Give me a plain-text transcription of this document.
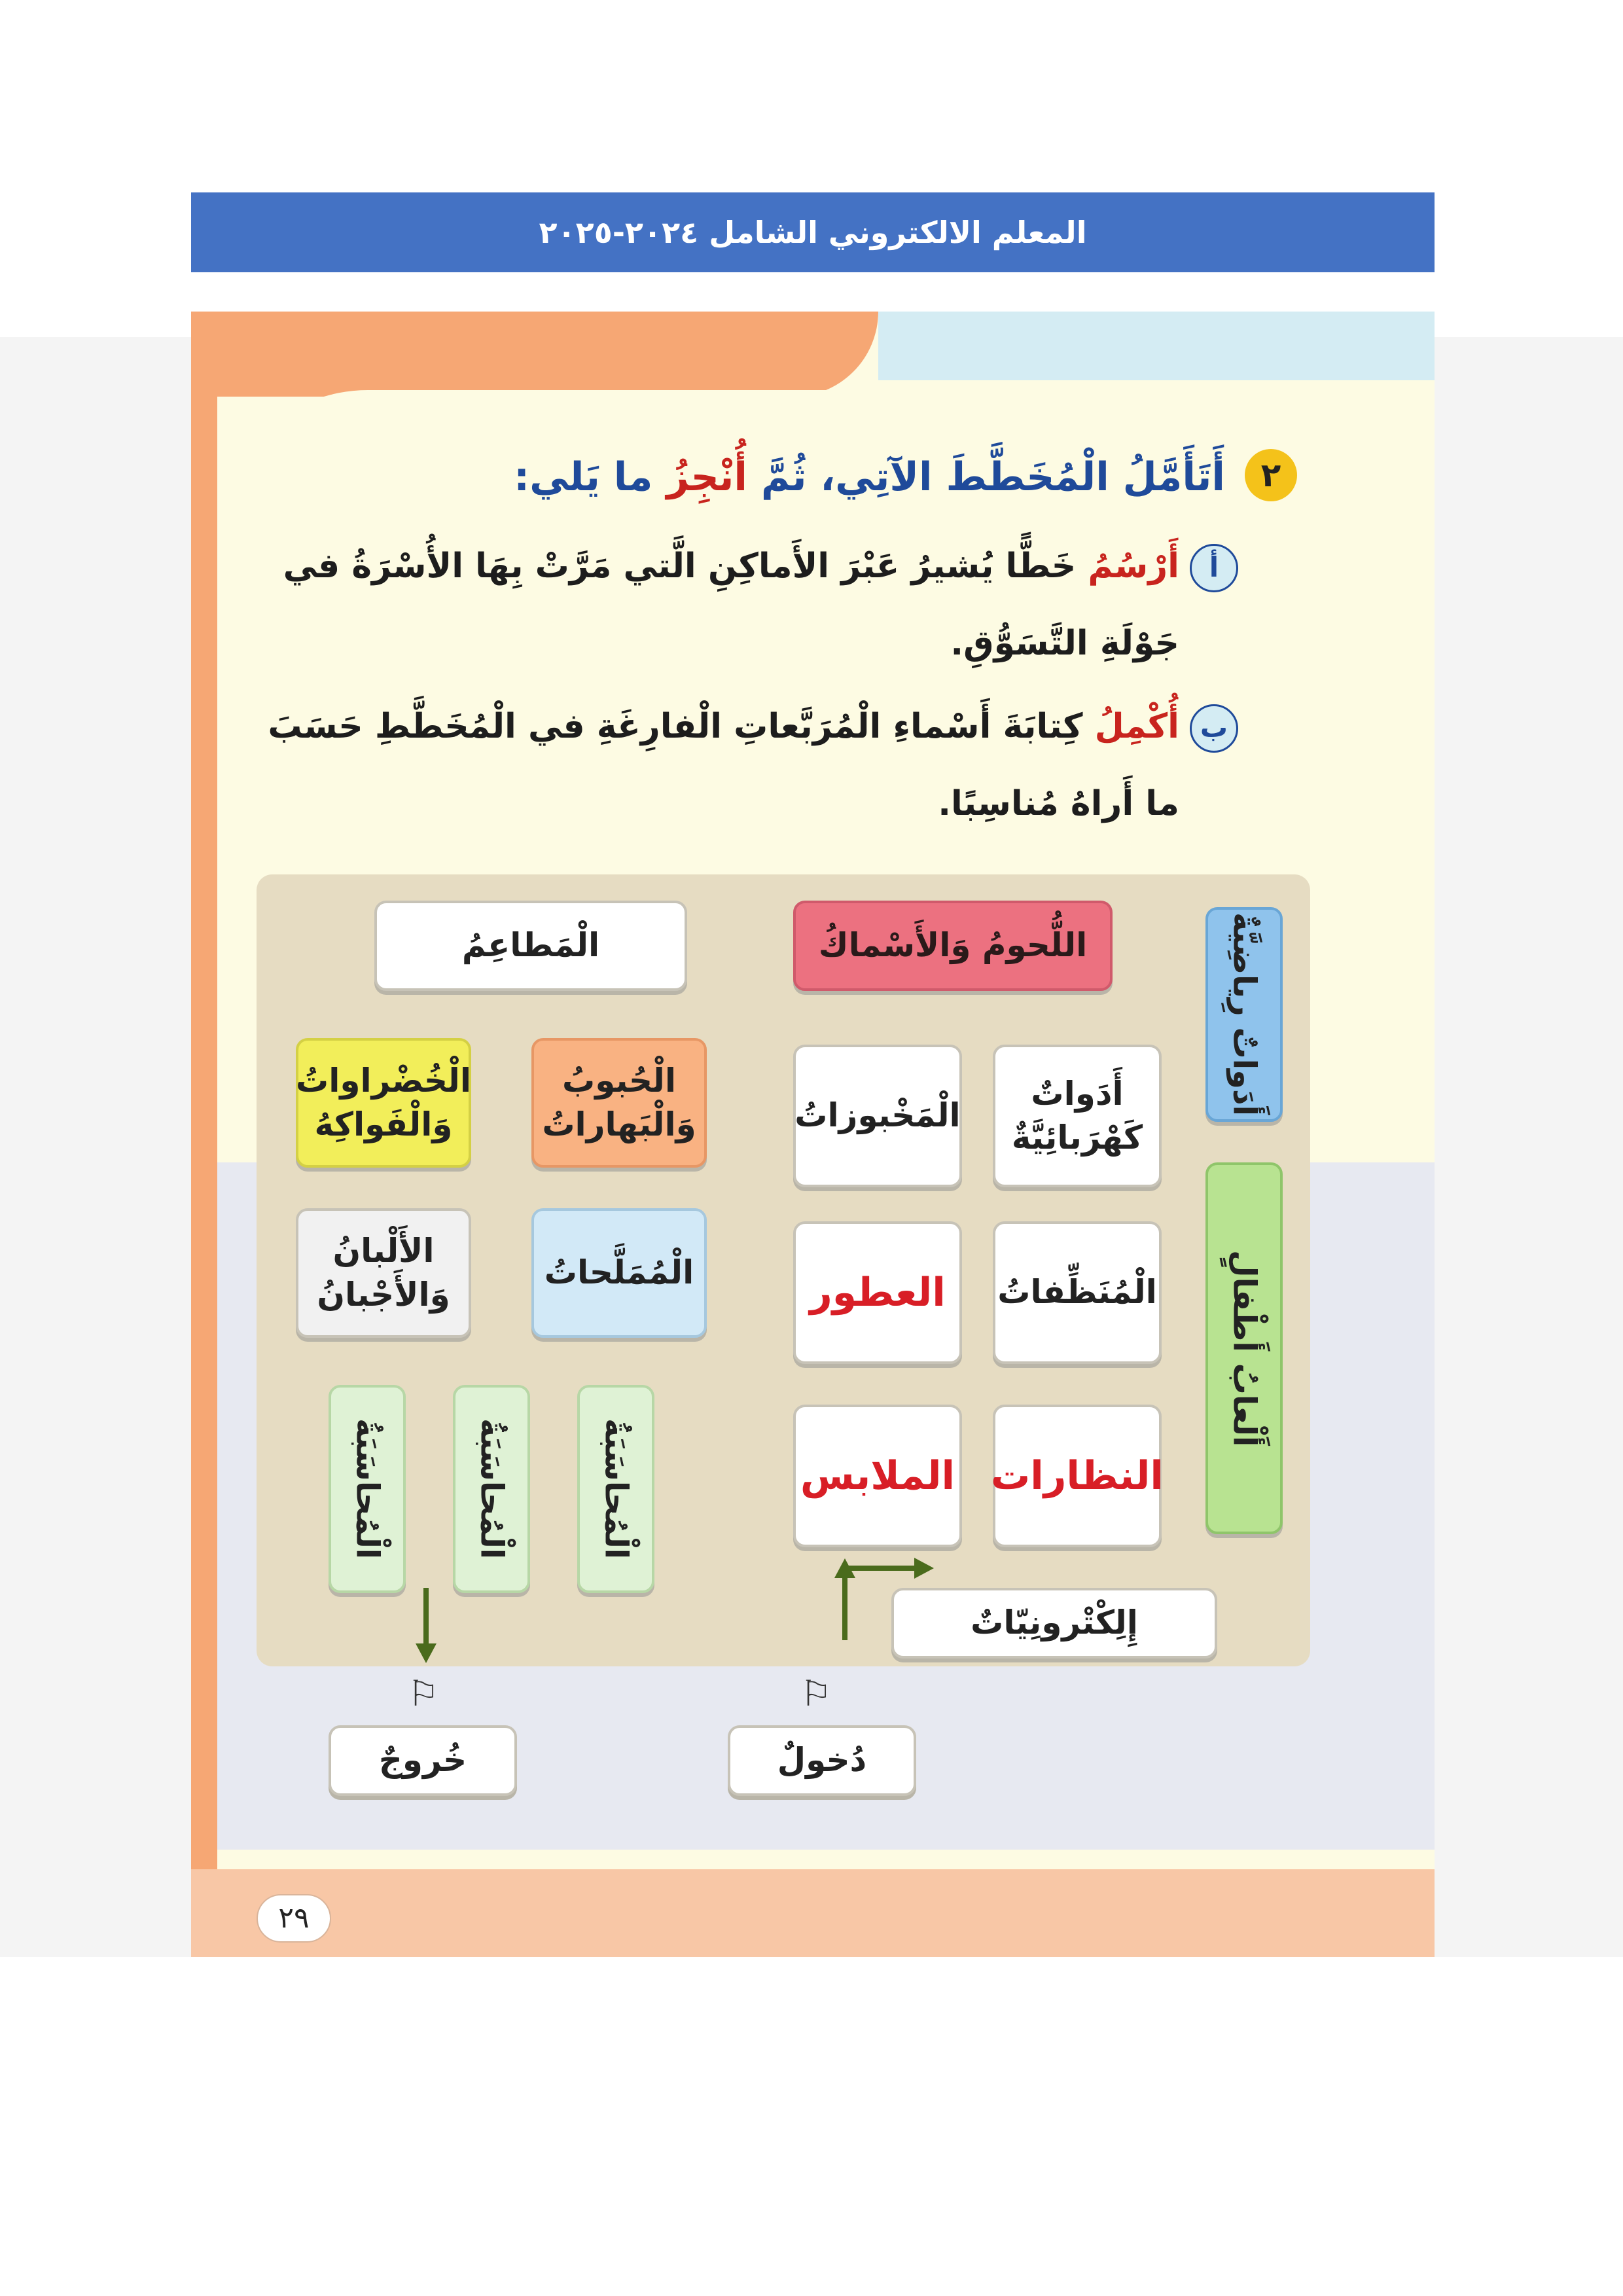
المعلم الالكتروني الشامل ٢٠٢٤-٢٠٢٥
٢
أَتَأَمَّلُ الْمُخَطَّطَ الآتِي، ثُمَّ أُنْجِزُ ما يَلي:
أ
أَرْسُمُ خَطًّا يُشيرُ عَبْرَ الأَماكِنِ الَّتي مَرَّتْ بِهَا الأُسْرَةُ في جَوْلَةِ التَّسَوُّقِ.
ب
أُكْمِلُ كِتابَةَ أَسْماءِ الْمُرَبَّعاتِ الْفارِغَةِ في الْمُخَطَّطِ حَسَبَ ما أَراهُ مُناسِبًا.
الْمَطاعِمُ	اللُّحومُ وَالأَسْماكُ	أَدَواتٌ رِياضِيَّةٌ
الْخُضْراواتُ وَالْفَواكِهُ
الْحُبوبُ وَالْبَهاراتُ	الْمَخْبوزاتُ
أَدَواتٌ كَهْرَبائِيَّةٌ
الأَلْبانُ وَالأَجْبانُ
الْمُمَلَّحاتُ	العطور الْمُنَظِّفاتُ أَلْعابُ أَطْفالٍ
الْمُحاسَبَةُ	الْمُحاسَبَةُ	الْمُحاسَبَةُ	الملابس النظارات
إِلِكْتْرونِيّاتٌ
⚐	⚐
خُروجٌ	دُخولٌ
٢٩
